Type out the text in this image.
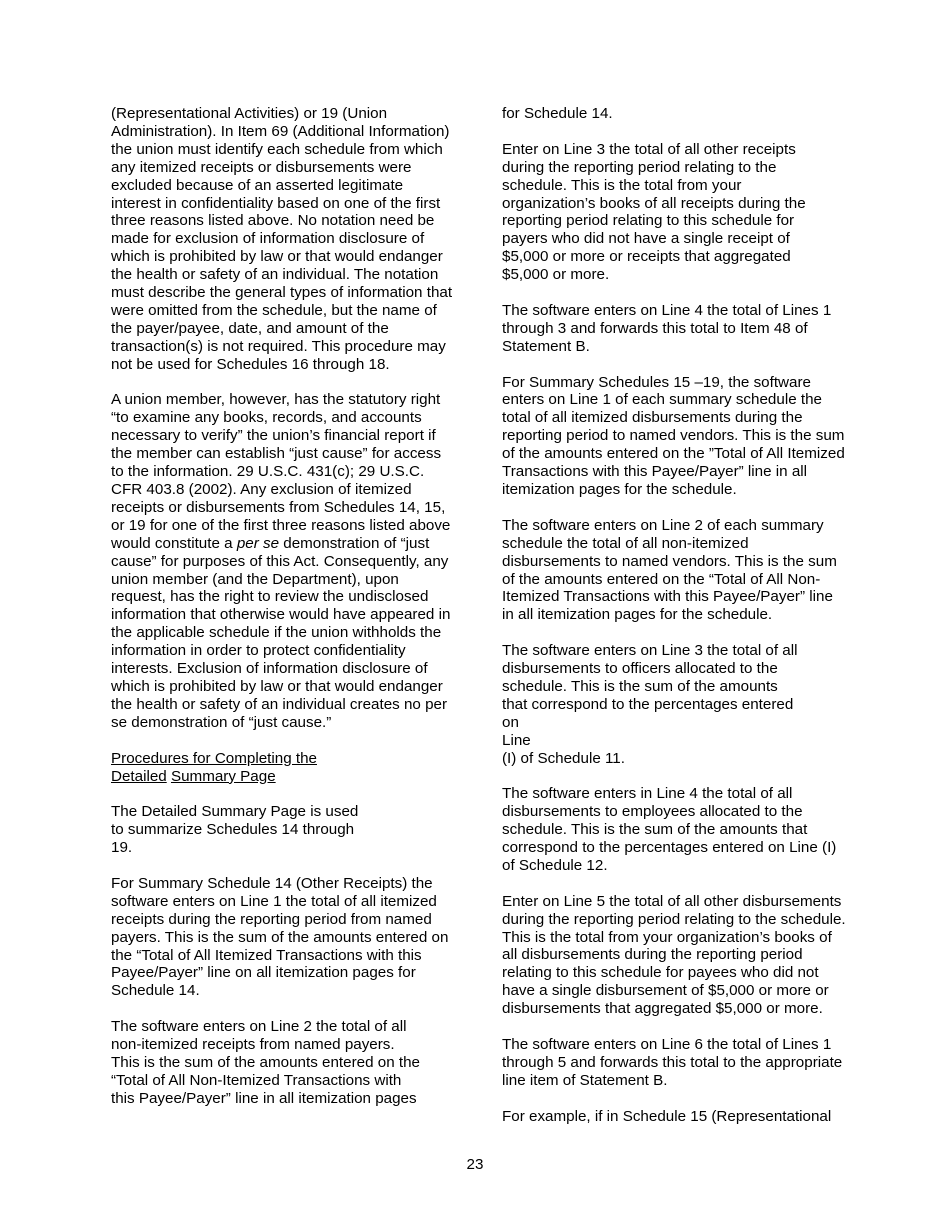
(Representational Activities) or 19 (Union Administration). In Item 69 (Additional Information) the union must identify each schedule from which any itemized receipts or disbursements were excluded because of an asserted legitimate interest in confidentiality based on one of the first three reasons listed above. No notation need be made for exclusion of information disclosure of which is prohibited by law or that would endanger the health or safety of an individual. The notation must describe the general types of information that were omitted from the schedule, but the name of the payer/payee, date, and amount of the transaction(s) is not required. This procedure may not be used for Schedules 16 through 18.

A union member, however, has the statutory right “to examine any books, records, and accounts necessary to verify” the union’s financial report if the member can establish “just cause” for access to the information. 29 U.S.C. 431(c); 29 U.S.C. CFR 403.8 (2002). Any exclusion of itemized receipts or disbursements from Schedules 14, 15, or 19 for one of the first three reasons listed above would constitute a per se demonstration of “just cause” for purposes of this Act. Consequently, any union member (and the Department), upon request, has the right to review the undisclosed information that otherwise would have appeared in the applicable schedule if the union withholds the information in order to protect confidentiality interests. Exclusion of information disclosure of which is prohibited by law or that would endanger the health or safety of an individual creates no per se demonstration of “just cause.”

Procedures for Completing the
Detailed Summary Page

The Detailed Summary Page is used to summarize Schedules 14 through 19.

For Summary Schedule 14 (Other Receipts) the software enters on Line 1 the total of all itemized receipts during the reporting period from named payers. This is the sum of the amounts entered on the “Total of All Itemized Transactions with this Payee/Payer” line on all itemization pages for Schedule 14.

The software enters on Line 2 the total of all non-itemized receipts from named payers. This is the sum of the amounts entered on the “Total of All Non-Itemized Transactions with this Payee/Payer” line in all itemization pages

for Schedule 14.

Enter on Line 3 the total of all other receipts during the reporting period relating to the schedule. This is the total from your organization’s books of all receipts during the reporting period relating to this schedule for payers who did not have a single receipt of $5,000 or more or receipts that aggregated $5,000 or more.

The software enters on Line 4 the total of Lines 1 through 3 and forwards this total to Item 48 of Statement B.

For Summary Schedules 15 –19, the software enters on Line 1 of each summary schedule the total of all itemized disbursements during the reporting period to named vendors. This is the sum of the amounts entered on the ”Total of All Itemized Transactions with this Payee/Payer” line in all itemization pages for the schedule.

The software enters on Line 2 of each summary schedule the total of all non-itemized disbursements to named vendors. This is the sum of the amounts entered on the “Total of All Non-Itemized Transactions with this Payee/Payer” line in all itemization pages for the schedule.

The software enters on Line 3 the total of all disbursements to officers allocated to the schedule. This is the sum of the amounts that correspond to the percentages entered on
Line
(I) of Schedule 11.

The software enters in Line 4 the total of all disbursements to employees allocated to the schedule. This is the sum of the amounts that correspond to the percentages entered on Line (I) of Schedule 12.

Enter on Line 5 the total of all other disbursements during the reporting period relating to the schedule. This is the total from your organization’s books of all disbursements during the reporting period relating to this schedule for payees who did not have a single disbursement of $5,000 or more or disbursements that aggregated $5,000 or more.

The software enters on Line 6 the total of Lines 1 through 5 and forwards this total to the appropriate line item of Statement B.

For example, if in Schedule 15 (Representational

23
